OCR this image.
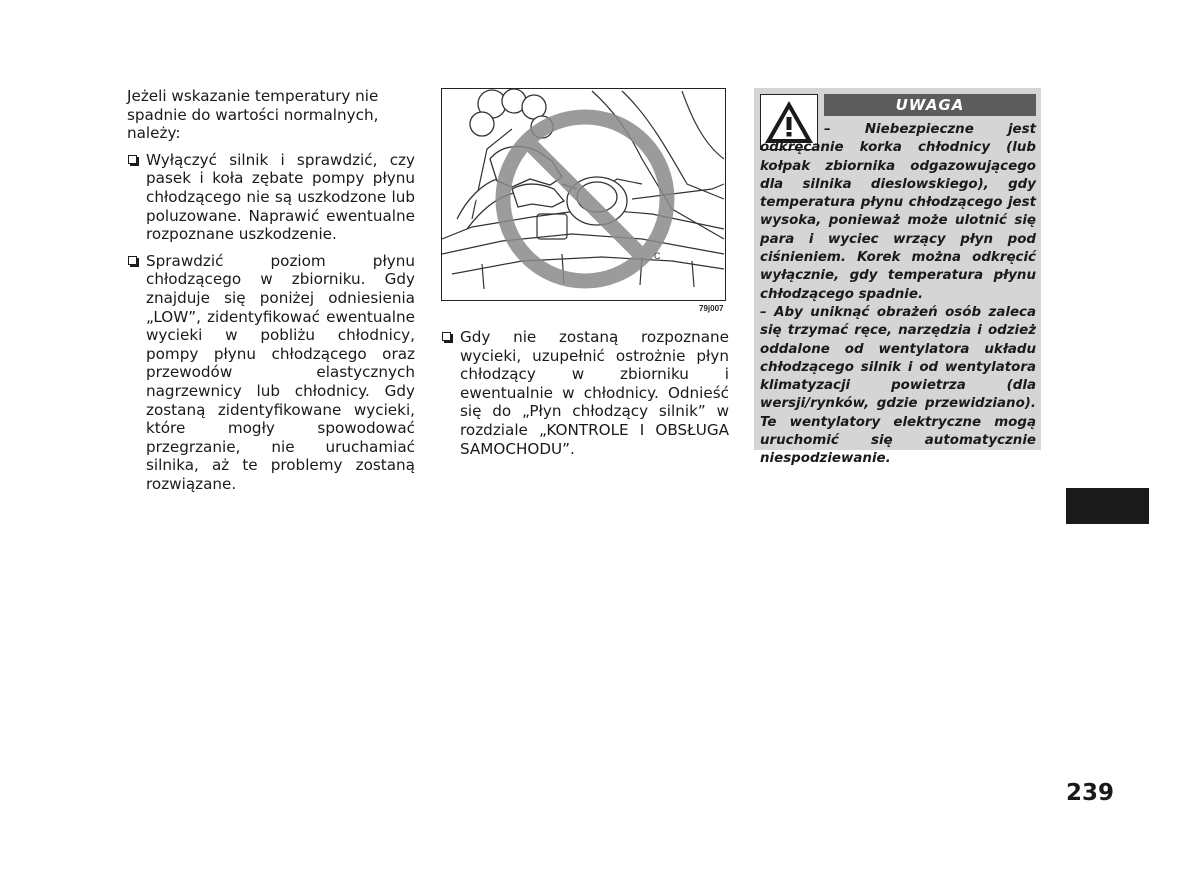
Jeżeli wskazanie temperatury nie spadnie do wartości normalnych, należy:

Wyłączyć silnik i sprawdzić, czy pasek i koła zębate pompy płynu chłodzącego nie są uszkodzone lub poluzowane. Naprawić ewentualne rozpoznane uszkodzenie.

Sprawdzić poziom płynu chłodzącego w zbiorniku. Gdy znajduje się poniżej odniesienia „LOW”, zidentyfikować ewentualne wycieki w pobliżu chłodnicy, pompy płynu chłodzącego oraz przewodów elastycznych nagrzewnicy lub chłodnicy. Gdy zostaną zidentyfikowane wycieki, które mogły spowodować przegrzanie, nie uruchamiać silnika, aż te problemy zostaną rozwiązane.

C
79j007

Gdy nie zostaną rozpoznane wycieki, uzupełnić ostrożnie płyn chłodzący w zbiorniku i ewentualnie w chłodnicy. Odnieść się do „Płyn chłodzący silnik” w rozdziale „KONTROLE I OBSŁUGA SAMOCHODU”.

UWAGA

– Niebezpieczne jest odkręcanie korka chłodnicy (lub kołpak zbiornika odgazowującego dla silnika dieslowskiego), gdy temperatura płynu chłodzącego jest wysoka, ponieważ może ulotnić się para i wyciec wrzący płyn pod ciśnieniem. Korek można odkręcić wyłącznie, gdy temperatura płynu chłodzącego spadnie.

– Aby uniknąć obrażeń osób zaleca się trzymać ręce, narzędzia i odzież oddalone od wentylatora układu chłodzącego silnik i od wentylatora klimatyzacji powietrza (dla wersji/rynków, gdzie przewidziano). Te wentylatory elektryczne mogą uruchomić się automatycznie niespodziewanie.

239
